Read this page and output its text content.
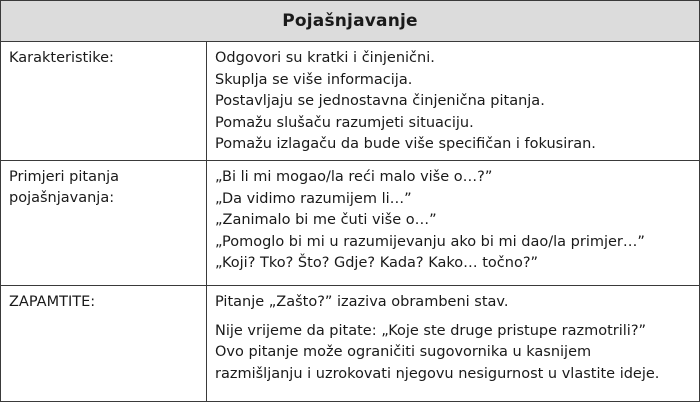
Pojašnjavanje
Karakteristike:	Odgovori su kratki i činjenični.
Skuplja se više informacija.
Postavljaju se jednostavna činjenična pitanja.
Pomažu slušaču razumjeti situaciju.
Pomažu izlagaču da bude više specifičan i fokusiran.
Primjeri pitanja
pojašnjavanja:
„Bi li mi mogao/la reći malo više o…?”
„Da vidimo razumijem li…”
„Zanimalo bi me čuti više o…”
„Pomoglo bi mi u razumijevanju ako bi mi dao/la primjer…”
„Koji? Tko? Što? Gdje? Kada? Kako… točno?”
ZAPAMTITE:	Pitanje „Zašto?” izaziva obrambeni stav.
Nije vrijeme da pitate: „Koje ste druge pristupe razmotrili?”
Ovo pitanje može ograničiti sugovornika u kasnijem
razmišljanju i uzrokovati njegovu nesigurnost u vlastite ideje.
